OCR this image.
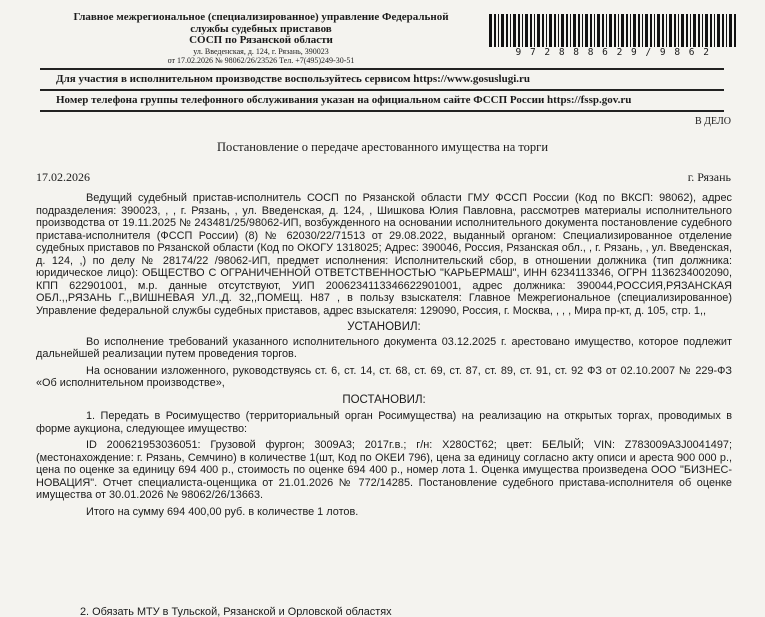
Главное межрегиональное (специализированное) управление Федеральной
службы судебных приставов
СОСП по Рязанской области
ул. Введенская, д. 124, г. Рязань, 390023
от 17.02.2026 № 98062/26/23526 Тел. +7(495)249-30-51
9 7 2 8 8 8 6 2 9 / 9 8 6 2
Для участия в исполнительном производстве воспользуйтесь сервисом https://www.gosuslugi.ru
Номер телефона группы телефонного обслуживания указан на официальном сайте ФССП России https://fssp.gov.ru
В ДЕЛО
Постановление о передаче арестованного имущества на торги
17.02.2026	г. Рязань

Ведущий судебный пристав-исполнитель СОСП по Рязанской области ГМУ ФССП России (Код по ВКСП: 98062), адрес подразделения: 390023, , , г. Рязань, , ул. Введенская, д. 124, , Шишкова Юлия Павловна, рассмотрев материалы исполнительного производства от 19.11.2025 № 243481/25/98062-ИП, возбужденного на основании исполнительного документа постановление судебного пристава-исполнителя (ФССП России) (8) № 62030/22/71513 от 29.08.2022, выданный органом: Специализированное отделение судебных приставов по Рязанской области (Код по ОКОГУ 1318025; Адрес: 390046, Россия, Рязанская обл., , г. Рязань, , ул. Введенская, д. 124, ,) по делу № 28174/22 /98062-ИП, предмет исполнения: Исполнительский сбор, в отношении должника (тип должника: юридическое лицо): ОБЩЕСТВО С ОГРАНИЧЕННОЙ ОТВЕТСТВЕННОСТЬЮ "КАРЬЕРМАШ", ИНН 6234113346, ОГРН 1136234002090, КПП 622901001, м.р. данные отсутствуют, УИП 2006234113346622901001, адрес должника: 390044,РОССИЯ,РЯЗАНСКАЯ ОБЛ.,,РЯЗАНЬ Г.,,ВИШНЕВАЯ УЛ.,Д. 32,,ПОМЕЩ. Н87 , в пользу взыскателя: Главное Межрегиональное (специализированное) Управление федеральной службы судебных приставов, адрес взыскателя: 129090, Россия, г. Москва, , , , Мира пр-кт, д. 105, стр. 1,,

УСТАНОВИЛ:

Во исполнение требований указанного исполнительного документа 03.12.2025 г. арестовано имущество, которое подлежит дальнейшей реализации путем проведения торгов.

На основании изложенного, руководствуясь ст. 6, ст. 14, ст. 68, ст. 69, ст. 87, ст. 89, ст. 91, ст. 92 ФЗ от 02.10.2007 № 229-ФЗ «Об исполнительном производстве»,

ПОСТАНОВИЛ:

1. Передать в Росимущество (территориальный орган Росимущества) на реализацию на открытых торгах, проводимых в форме аукциона, следующее имущество:

ID 200621953036051: Грузовой фургон; 3009А3; 2017г.в.; г/н: Х280СТ62; цвет: БЕЛЫЙ; VIN: Z783009А3J0041497; (местонахождение: г. Рязань, Семчино) в количестве 1(шт, Код по ОКЕИ 796), цена за единицу согласно акту описи и ареста 900 000 р., цена по оценке за единицу 694 400 р., стоимость по оценке 694 400 р., номер лота 1. Оценка имущества произведена ООО "БИЗНЕС-НОВАЦИЯ". Отчет специалиста-оценщика от 21.01.2026 № 772/14285. Постановление судебного пристава-исполнителя об оценке имущества от 30.01.2026 № 98062/26/13663.

Итого на сумму 694 400,00 руб. в количестве 1 лотов.

2. Обязать МТУ в Тульской, Рязанской и Орловской областях
